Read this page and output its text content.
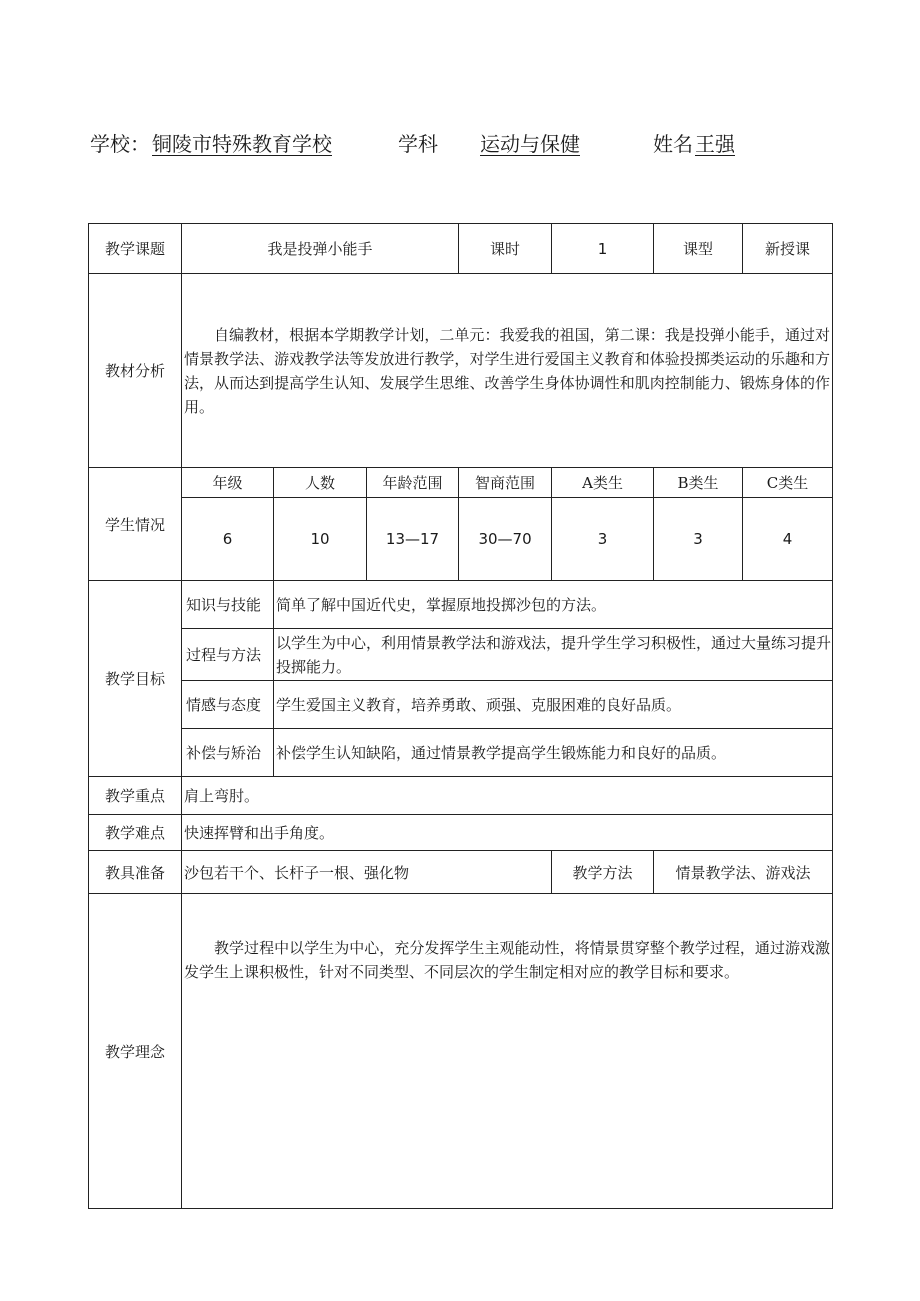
学校： 铜陵市特殊教育学校	学科 运动与保健	姓名 王强
教学课题	我是投弹小能手			课时	1	课型	新授课
教材分析	自编教材，根据本学期教学计划，二单元：我爱我的祖国，第二课：我是投弹小能手，通过对情景教学法、游戏教学法等发放进行教学，对学生进行爱国主义教育和体验投掷类运动的乐趣和方法，从而达到提高学生认知、发展学生思维、改善学生身体协调性和肌肉控制能力、锻炼身体的作用。						

学生情况	年级	人数	年龄范围	智商范围	A类生	B类生	C类生
	6	10	13—17	30—70	3	3	4
教学目标	知识与技能	简单了解中国近代史，掌握原地投掷沙包的方法。					
	过程与方法	以学生为中心，利用情景教学法和游戏法，提升学生学习积极性，通过大量练习提升投掷能力。					
	情感与态度	学生爱国主义教育，培养勇敢、顽强、克服困难的良好品质。					
	补偿与矫治	补偿学生认知缺陷，通过情景教学提高学生锻炼能力和良好的品质。					
教学重点	肩上弯肘。						
教学难点	快速挥臂和出手角度。						
教具准备	沙包若干个、长杆子一根、强化物				教学方法	情景教学法、游戏法	
教学理念	教学过程中以学生为中心，充分发挥学生主观能动性，将情景贯穿整个教学过程，通过游戏激发学生上课积极性，针对不同类型、不同层次的学生制定相对应的教学目标和要求。						
